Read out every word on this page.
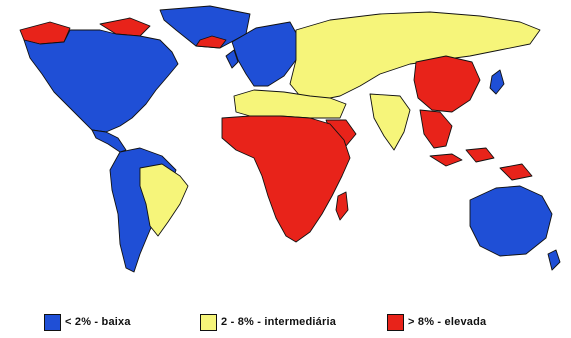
< 2% - baixa	2 - 8% - intermediária	> 8% - elevada
